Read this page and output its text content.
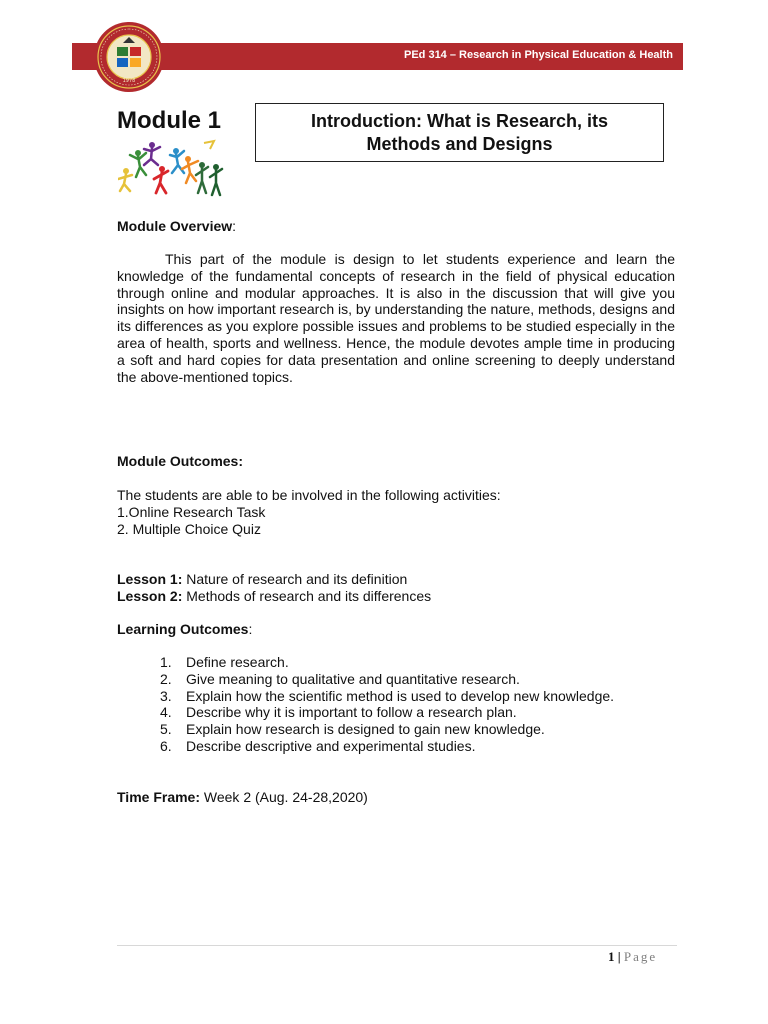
PEd 314 – Research in Physical Education & Health
1978
Module 1	Introduction: What is Research, its Methods and Designs
Module Overview:
This part of the module is design to let students experience and learn the knowledge of the fundamental concepts of research in the field of physical education through online and modular approaches. It is also in the discussion that will give you insights on how important research is, by understanding the nature, methods, designs and its differences as you explore possible issues and problems to be studied especially in the area of health, sports and wellness. Hence, the module devotes ample time in producing a soft and hard copies for data presentation and online screening to deeply understand the above-mentioned topics.
Module Outcomes:
The students are able to be involved in the following activities:
1.Online Research Task
2. Multiple Choice Quiz
Lesson 1: Nature of research and its definition
Lesson 2: Methods of research and its differences
Learning Outcomes:
1.	Define research.
2.	Give meaning to qualitative and quantitative research.
3.	Explain how the scientific method is used to develop new knowledge.
4.	Describe why it is important to follow a research plan.
5.	Explain how research is designed to gain new knowledge.
6.	Describe descriptive and experimental studies.
Time Frame: Week 2 (Aug. 24-28,2020)
1 | Page
